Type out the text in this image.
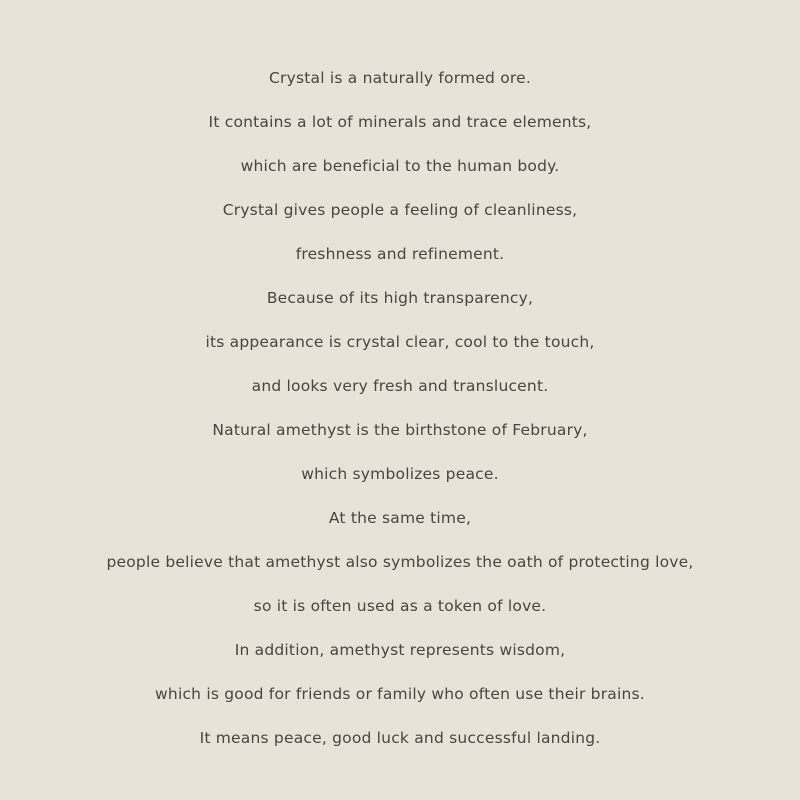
Crystal is a naturally formed ore.
It contains a lot of minerals and trace elements,
which are beneficial to the human body.
Crystal gives people a feeling of cleanliness,
freshness and refinement.
Because of its high transparency,
its appearance is crystal clear, cool to the touch,
and looks very fresh and translucent.
Natural amethyst is the birthstone of February,
which symbolizes peace.
At the same time,
people believe that amethyst also symbolizes the oath of protecting love,
so it is often used as a token of love.
In addition, amethyst represents wisdom,
which is good for friends or family who often use their brains.
It means peace, good luck and successful landing.
